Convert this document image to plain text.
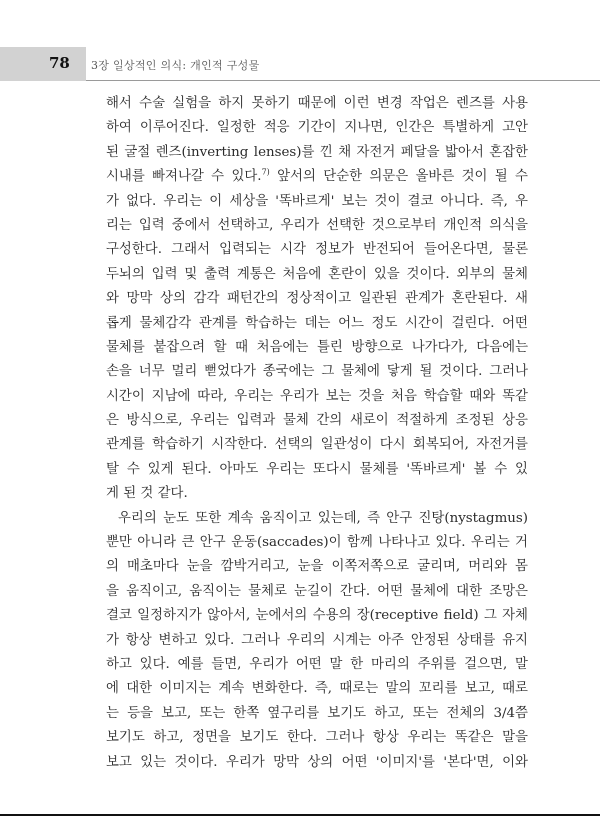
78 3장 일상적인 의식: 개인적 구성물
해서 수술 실험을 하지 못하기 때문에 이런 변경 작업은 렌즈를 사용
하여 이루어진다. 일정한 적응 기간이 지나면, 인간은 특별하게 고안
된 굴절 렌즈(inverting lenses)를 낀 채 자전거 페달을 밟아서 혼잡한
시내를 빠져나갈 수 있다.$^{7)}$ 앞서의 단순한 의문은 올바른 것이 될 수
가 없다. 우리는 이 세상을 '똑바르게' 보는 것이 결코 아니다. 즉, 우
리는 입력 중에서 선택하고, 우리가 선택한 것으로부터 개인적 의식을
구성한다. 그래서 입력되는 시각 정보가 반전되어 들어온다면, 물론
두뇌의 입력 및 출력 계통은 처음에 혼란이 있을 것이다. 외부의 물체
와 망막 상의 감각 패턴간의 정상적이고 일관된 관계가 혼란된다. 새
롭게 물체감각 관계를 학습하는 데는 어느 정도 시간이 걸린다. 어떤
물체를 붙잡으려 할 때 처음에는 틀린 방향으로 나가다가, 다음에는
손을 너무 멀리 뻗었다가 종국에는 그 물체에 닿게 될 것이다. 그러나
시간이 지남에 따라, 우리는 우리가 보는 것을 처음 학습할 때와 똑같
은 방식으로, 우리는 입력과 물체 간의 새로이 적절하게 조정된 상응
관계를 학습하기 시작한다. 선택의 일관성이 다시 회복되어, 자전거를
탈 수 있게 된다. 아마도 우리는 또다시 물체를 '똑바르게' 볼 수 있
게 된 것 같다.
우리의 눈도 또한 계속 움직이고 있는데, 즉 안구 진탕(nystagmus)
뿐만 아니라 큰 안구 운동(saccades)이 함께 나타나고 있다. 우리는 거
의 매초마다 눈을 깜박거리고, 눈을 이쪽저쪽으로 굴리며, 머리와 몸
을 움직이고, 움직이는 물체로 눈길이 간다. 어떤 물체에 대한 조망은
결코 일정하지가 않아서, 눈에서의 수용의 장(receptive field) 그 자체
가 항상 변하고 있다. 그러나 우리의 시계는 아주 안정된 상태를 유지
하고 있다. 예를 들면, 우리가 어떤 말 한 마리의 주위를 걸으면, 말
에 대한 이미지는 계속 변화한다. 즉, 때로는 말의 꼬리를 보고, 때로
는 등을 보고, 또는 한쪽 옆구리를 보기도 하고, 또는 전체의 3/4쯤
보기도 하고, 정면을 보기도 한다. 그러나 항상 우리는 똑같은 말을
보고 있는 것이다. 우리가 망막 상의 어떤 '이미지'를 '본다'면, 이와
